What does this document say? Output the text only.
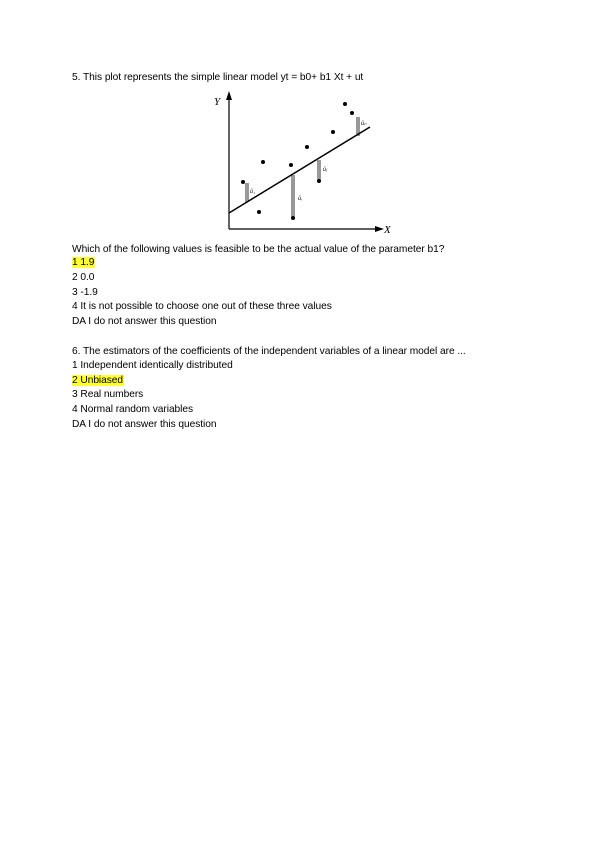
5. This plot represents the simple linear model yt = b0+ b1 Xt + ut
Y
X
û₁
ûᵢ
ûⱼ
ûₙ
Which of the following values is feasible to be the actual value of the parameter b1?
1 1.9
2 0.0
3 -1.9
4 It is not possible to choose one out of these three values
DA I do not answer this question
6. The estimators of the coefficients of the independent variables of a linear model are ...
1 Independent identically distributed
2 Unbiased
3 Real numbers
4 Normal random variables
DA I do not answer this question
